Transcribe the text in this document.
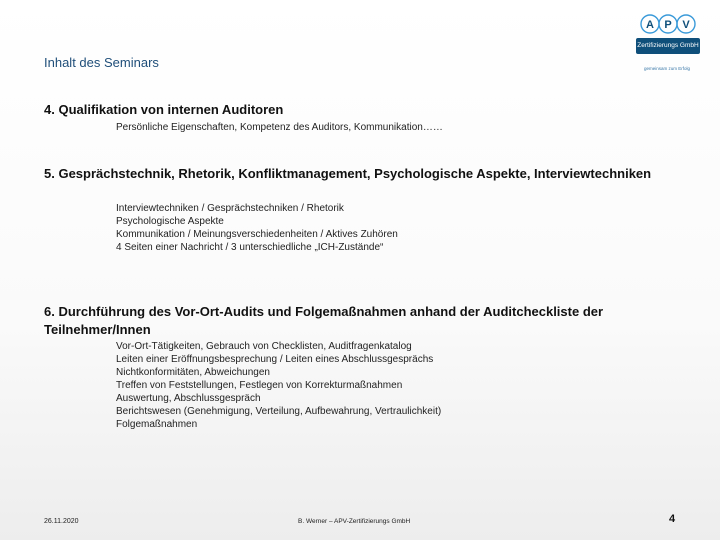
Inhalt des Seminars
A P V
Zertifizierungs GmbH
gemeinsam zum Erfolg
4. Qualifikation von internen Auditoren
Persönliche Eigenschaften, Kompetenz des Auditors, Kommunikation……
5. Gesprächstechnik, Rhetorik, Konfliktmanagement, Psychologische Aspekte, Interviewtechniken
Interviewtechniken / Gesprächstechniken / Rhetorik
Psychologische Aspekte
Kommunikation / Meinungsverschiedenheiten / Aktives Zuhören
4 Seiten einer Nachricht / 3 unterschiedliche „ICH-Zustände“
6. Durchführung des Vor-Ort-Audits und Folgemaßnahmen anhand der Auditcheckliste der Teilnehmer/Innen
Vor-Ort-Tätigkeiten, Gebrauch von Checklisten, Auditfragenkatalog
Leiten einer Eröffnungsbesprechung / Leiten eines Abschlussgesprächs
Nichtkonformitäten, Abweichungen
Treffen von Feststellungen, Festlegen von Korrekturmaßnahmen
Auswertung, Abschlussgespräch
Berichtswesen (Genehmigung, Verteilung, Aufbewahrung, Vertraulichkeit)
Folgemaßnahmen
26.11.2020	B. Werner – APV-Zertifizierungs GmbH	4
